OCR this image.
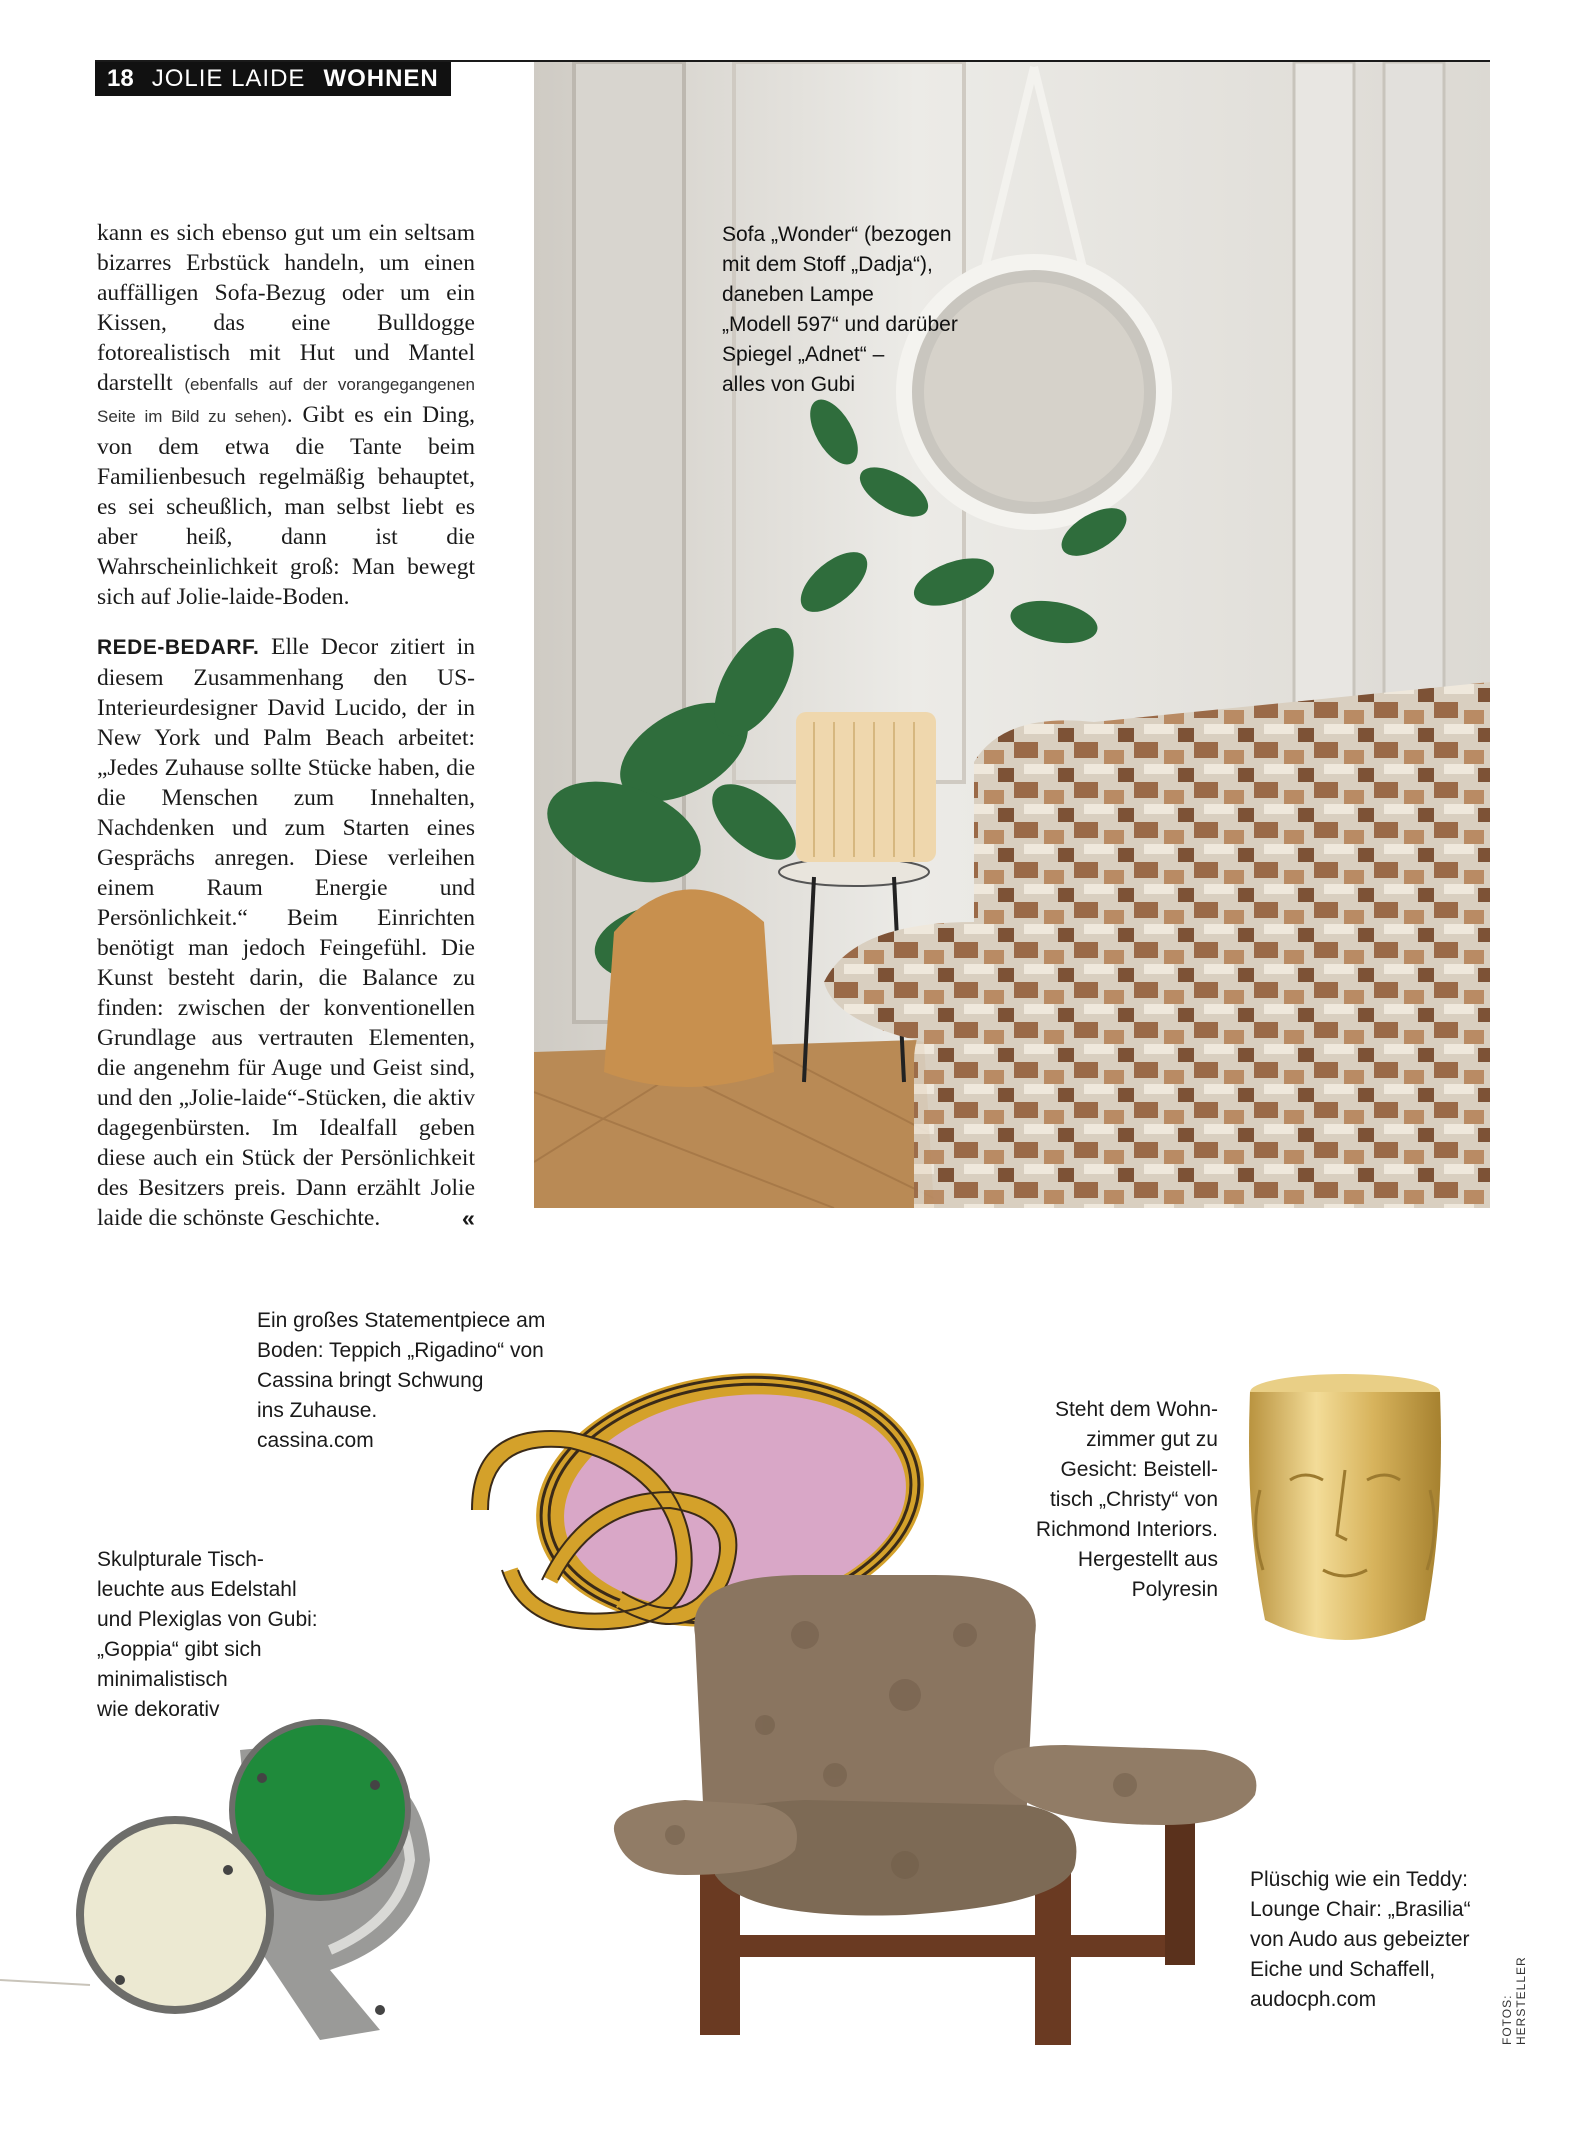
18 JOLIE LAIDE WOHNEN

kann es sich ebenso gut um ein seltsam bizarres Erbstück handeln, um einen auffälligen Sofa-Bezug oder um ein Kissen, das eine Bulldogge fotorealistisch mit Hut und Mantel darstellt (ebenfalls auf der vorangegangenen Seite im Bild zu sehen). Gibt es ein Ding, von dem etwa die Tante beim Familienbesuch regelmäßig behauptet, es sei scheußlich, man selbst liebt es aber heiß, dann ist die Wahrscheinlichkeit groß: Man bewegt sich auf Jolie-laide-Boden.

REDE-BEDARF. Elle Decor zitiert in diesem Zusammenhang den US-Interieurdesigner David Lucido, der in New York und Palm Beach arbeitet: „Jedes Zuhause sollte Stücke haben, die die Menschen zum Innehalten, Nachdenken und zum Starten eines Gesprächs anregen. Diese verleihen einem Raum Energie und Persönlichkeit.“ Beim Einrichten benötigt man jedoch Feingefühl. Die Kunst besteht darin, die Balance zu finden: zwischen der konventionellen Grundlage aus vertrauten Elementen, die angenehm für Auge und Geist sind, und den „Jolie-laide“-Stücken, die aktiv dagegenbürsten. Im Idealfall geben diese auch ein Stück der Persönlichkeit des Besitzers preis. Dann erzählt Jolie laide die schönste Geschichte.	«

Sofa „Wonder“ (bezogen
mit dem Stoff „Dadja“),
daneben Lampe
„Modell 597“ und darüber
Spiegel „Adnet“ –
alles von Gubi
Ein großes Statementpiece am
Boden: Teppich „Rigadino“ von
Cassina bringt Schwung
ins Zuhause.
cassina.com
Steht dem Wohn-
zimmer gut zu
Gesicht: Beistell-
tisch „Christy“ von
Richmond Interiors.
Hergestellt aus
Polyresin
Skulpturale Tisch-
leuchte aus Edelstahl
und Plexiglas von Gubi:
„Goppia“ gibt sich
minimalistisch
wie dekorativ
Plüschig wie ein Teddy:
Lounge Chair: „Brasilia“
von Audo aus gebeizter
Eiche und Schaffell,
audocph.com	FOTOS: HERSTELLER
